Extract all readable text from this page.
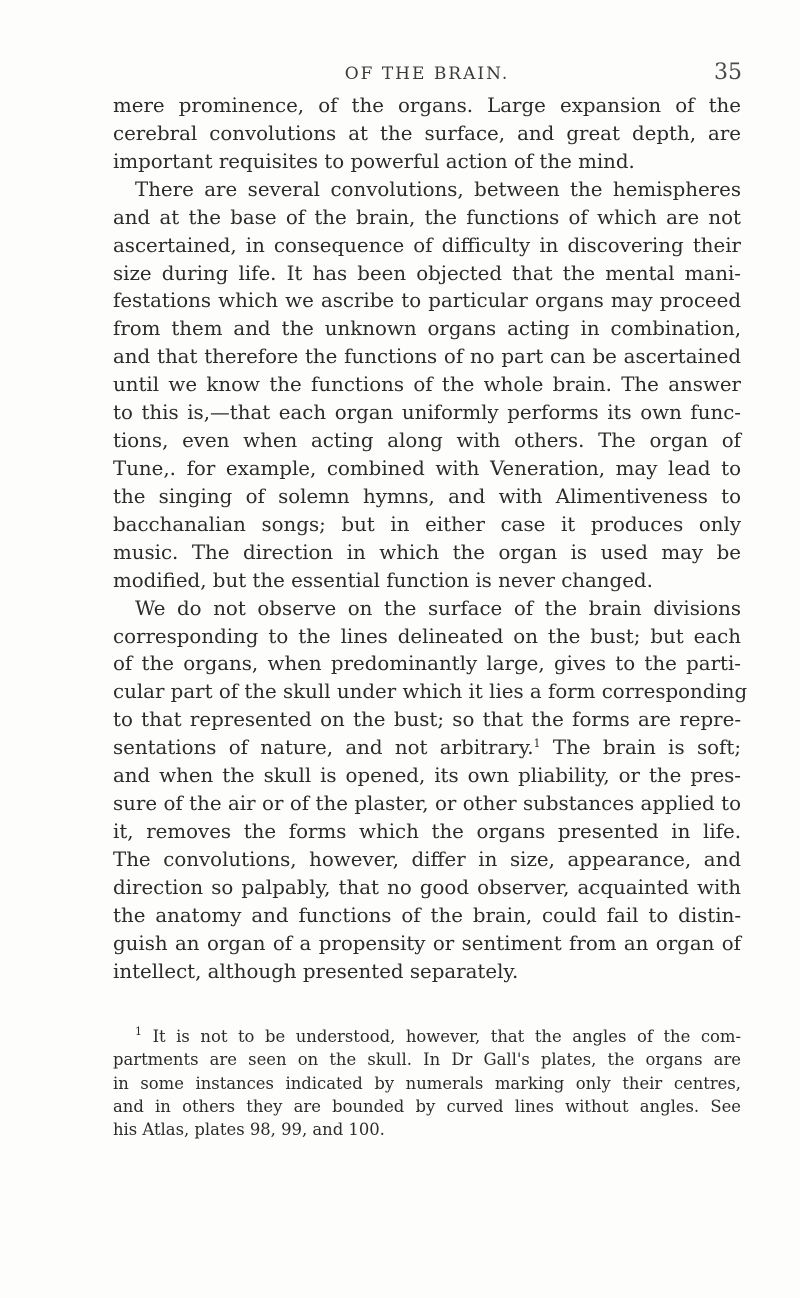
OF THE BRAIN.	35
mere prominence, of the organs. Large expansion of the
cerebral convolutions at the surface, and great depth, are
important requisites to powerful action of the mind.
There are several convolutions, between the hemispheres
and at the base of the brain, the functions of which are not
ascertained, in consequence of difficulty in discovering their
size during life. It has been objected that the mental mani-
festations which we ascribe to particular organs may proceed
from them and the unknown organs acting in combination,
and that therefore the functions of no part can be ascertained
until we know the functions of the whole brain. The answer
to this is,—that each organ uniformly performs its own func-
tions, even when acting along with others. The organ of
Tune,. for example, combined with Veneration, may lead to
the singing of solemn hymns, and with Alimentiveness to
bacchanalian songs; but in either case it produces only
music. The direction in which the organ is used may be
modified, but the essential function is never changed.
We do not observe on the surface of the brain divisions
corresponding to the lines delineated on the bust; but each
of the organs, when predominantly large, gives to the parti-
cular part of the skull under which it lies a form corresponding
to that represented on the bust; so that the forms are repre-
sentations of nature, and not arbitrary.$^1$ The brain is soft;
and when the skull is opened, its own pliability, or the pres-
sure of the air or of the plaster, or other substances applied to
it, removes the forms which the organs presented in life.
The convolutions, however, differ in size, appearance, and
direction so palpably, that no good observer, acquainted with
the anatomy and functions of the brain, could fail to distin-
guish an organ of a propensity or sentiment from an organ of
intellect, although presented separately.
$^1$ It is not to be understood, however, that the angles of the com-
partments are seen on the skull. In Dr Gall's plates, the organs are
in some instances indicated by numerals marking only their centres,
and in others they are bounded by curved lines without angles. See
his Atlas, plates 98, 99, and 100.
